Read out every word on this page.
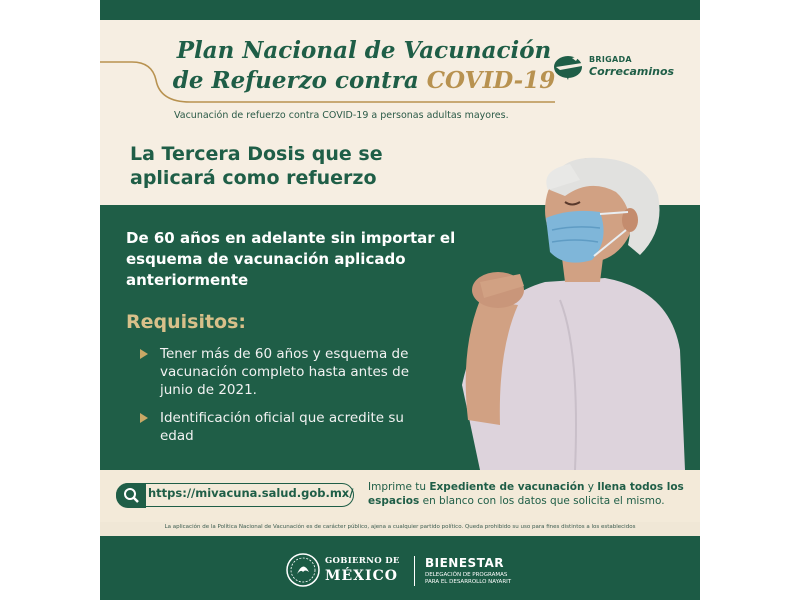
Plan Nacional de Vacunación
de Refuerzo contra COVID-19

Vacunación de refuerzo contra COVID-19 a personas adultas mayores.

BRIGADA
Correcaminos
La Tercera Dosis que se aplicará como refuerzo

De 60 años en adelante sin importar el esquema de vacunación aplicado anteriormente

Requisitos:

Tener más de 60 años y esquema de vacunación completo hasta antes de junio de 2021.

Identificación oficial que acredite su edad

https://mivacuna.salud.gob.mx/ Imprime tu Expediente de vacunación y llena todos los espacios en blanco con los datos que solicita el mismo.

La aplicación de la Política Nacional de Vacunación es de carácter público, ajena a cualquier partido político. Queda prohibido su uso para fines distintos a los establecidos

GOBIERNO DE
MÉXICO
BIENESTAR
DELEGACIÓN DE PROGRAMAS
PARA EL DESARROLLO NAYARIT
